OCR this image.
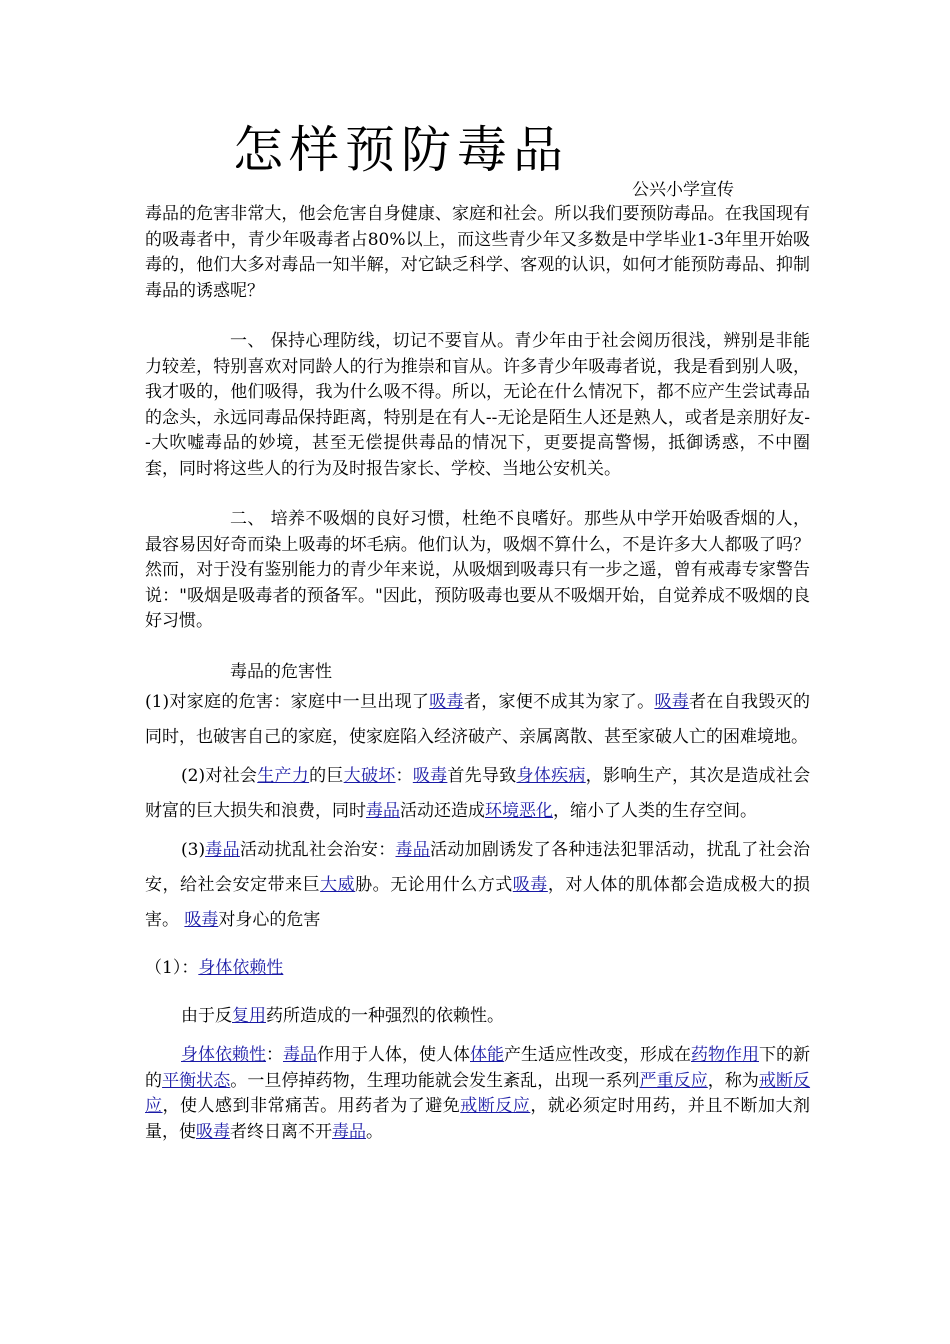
怎样预防毒品
公兴小学宣传

毒品的危害非常大，他会危害自身健康、家庭和社会。所以我们要预防毒品。在我国现有的吸毒者中，青少年吸毒者占80%以上，而这些青少年又多数是中学毕业1-3年里开始吸毒的，他们大多对毒品一知半解，对它缺乏科学、客观的认识，如何才能预防毒品、抑制毒品的诱惑呢？

一、 保持心理防线，切记不要盲从。青少年由于社会阅历很浅，辨别是非能力较差，特别喜欢对同龄人的行为推崇和盲从。许多青少年吸毒者说，我是看到别人吸，我才吸的，他们吸得，我为什么吸不得。所以，无论在什么情况下，都不应产生尝试毒品的念头，永远同毒品保持距离，特别是在有人--无论是陌生人还是熟人，或者是亲朋好友--大吹嘘毒品的妙境，甚至无偿提供毒品的情况下，更要提高警惕，抵御诱惑，不中圈套，同时将这些人的行为及时报告家长、学校、当地公安机关。

二、 培养不吸烟的良好习惯，杜绝不良嗜好。那些从中学开始吸香烟的人，最容易因好奇而染上吸毒的坏毛病。他们认为，吸烟不算什么，不是许多大人都吸了吗？然而，对于没有鉴别能力的青少年来说，从吸烟到吸毒只有一步之遥，曾有戒毒专家警告说："吸烟是吸毒者的预备军。"因此，预防吸毒也要从不吸烟开始，自觉养成不吸烟的良好习惯。

毒品的危害性

(1)对家庭的危害：家庭中一旦出现了吸毒者，家便不成其为家了。吸毒者在自我毁灭的同时，也破害自己的家庭，使家庭陷入经济破产、亲属离散、甚至家破人亡的困难境地。

(2)对社会生产力的巨大破坏：吸毒首先导致身体疾病，影响生产，其次是造成社会财富的巨大损失和浪费，同时毒品活动还造成环境恶化，缩小了人类的生存空间。

(3)毒品活动扰乱社会治安：毒品活动加剧诱发了各种违法犯罪活动，扰乱了社会治安，给社会安定带来巨大威胁。无论用什么方式吸毒，对人体的肌体都会造成极大的损害。 吸毒对身心的危害

（1）：身体依赖性

由于反复用药所造成的一种强烈的依赖性。

身体依赖性：毒品作用于人体，使人体体能产生适应性改变，形成在药物作用下的新的平衡状态。一旦停掉药物，生理功能就会发生紊乱，出现一系列严重反应，称为戒断反应，使人感到非常痛苦。用药者为了避免戒断反应，就必须定时用药，并且不断加大剂量，使吸毒者终日离不开毒品。
